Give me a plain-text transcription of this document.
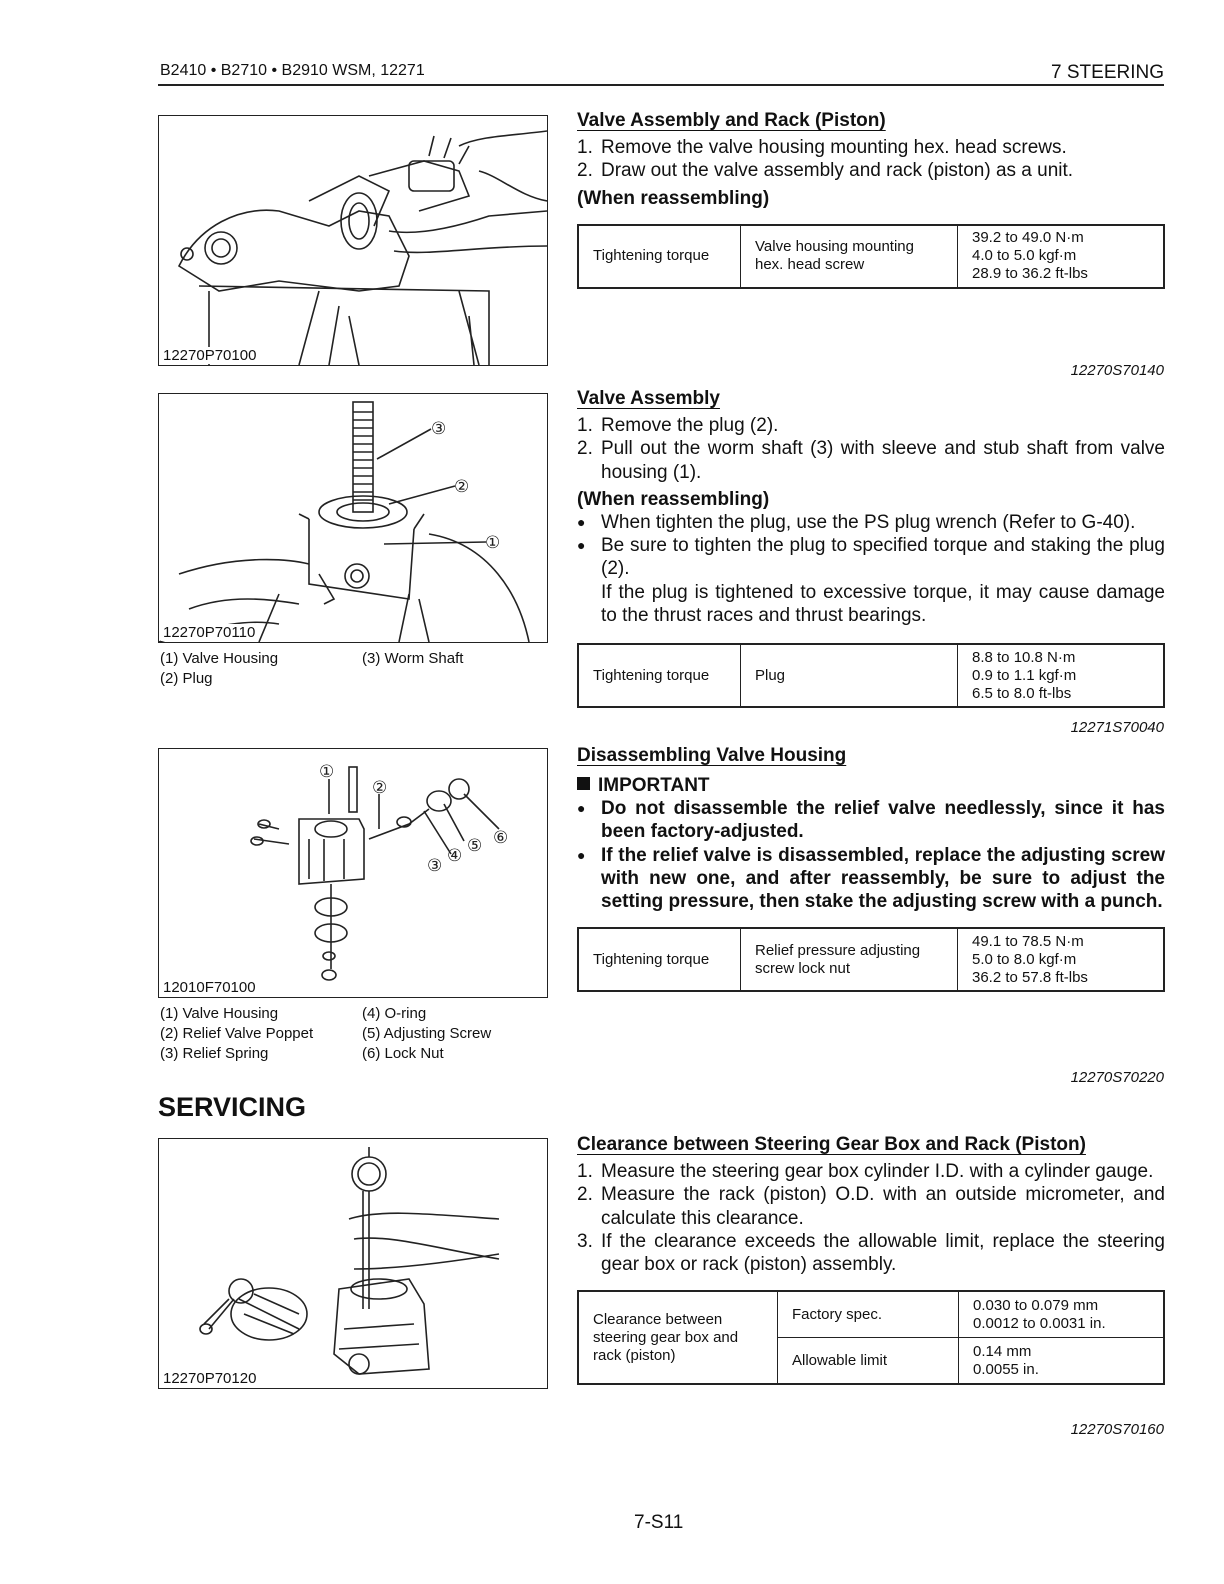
B2410 • B2710 • B2910 WSM, 12271	7 STEERING
12270P70100
③
②
①
12270P70110
(1) Valve Housing
(2) Plug
(3) Worm Shaft
①
②
③ ④ ⑤ ⑥
12010F70100
(1) Valve Housing
(2) Relief Valve Poppet
(3) Relief Spring
(4) O-ring
(5) Adjusting Screw
(6) Lock Nut
SERVICING
12270P70120
Valve Assembly and Rack (Piston)
1. Remove the valve housing mounting hex. head screws.
2. Draw out the valve assembly and rack (piston) as a unit.
(When reassembling)
Tightening torque	Valve housing mounting hex. head screw	
39.2 to 49.0 N·m
4.0 to 5.0 kgf·m
28.9 to 36.2 ft-lbs
12270S70140
Valve Assembly
1. Remove the plug (2).
2. Pull out the worm shaft (3) with sleeve and stub shaft from valve housing (1).
(When reassembling)
● When tighten the plug, use the PS plug wrench (Refer to G-40).
● Be sure to tighten the plug to specified torque and staking the plug (2).
If the plug is tightened to excessive torque, it may cause damage to the thrust races and thrust bearings.
Tightening torque	Plug	
8.8 to 10.8 N·m
0.9 to 1.1 kgf·m
6.5 to 8.0 ft-lbs
12271S70040
Disassembling Valve Housing
IMPORTANT
● Do not disassemble the relief valve needlessly, since it has been factory-adjusted.
● If the relief valve is disassembled, replace the adjusting screw with new one, and after reassembly, be sure to adjust the setting pressure, then stake the adjusting screw with a punch.
Tightening torque	Relief pressure adjusting screw lock nut	
49.1 to 78.5 N·m
5.0 to 8.0 kgf·m
36.2 to 57.8 ft-lbs
12270S70220
Clearance between Steering Gear Box and Rack (Piston)
1. Measure the steering gear box cylinder I.D. with a cylinder gauge.
2. Measure the rack (piston) O.D. with an outside micrometer, and calculate this clearance.
3. If the clearance exceeds the allowable limit, replace the steering gear box or rack (piston) assembly.
Clearance between steering gear box and rack (piston)	Factory spec.	0.030 to 0.079 mm
0.0012 to 0.0031 in.

	Allowable limit	0.14 mm
0.0055 in.
12270S70160
7-S11
